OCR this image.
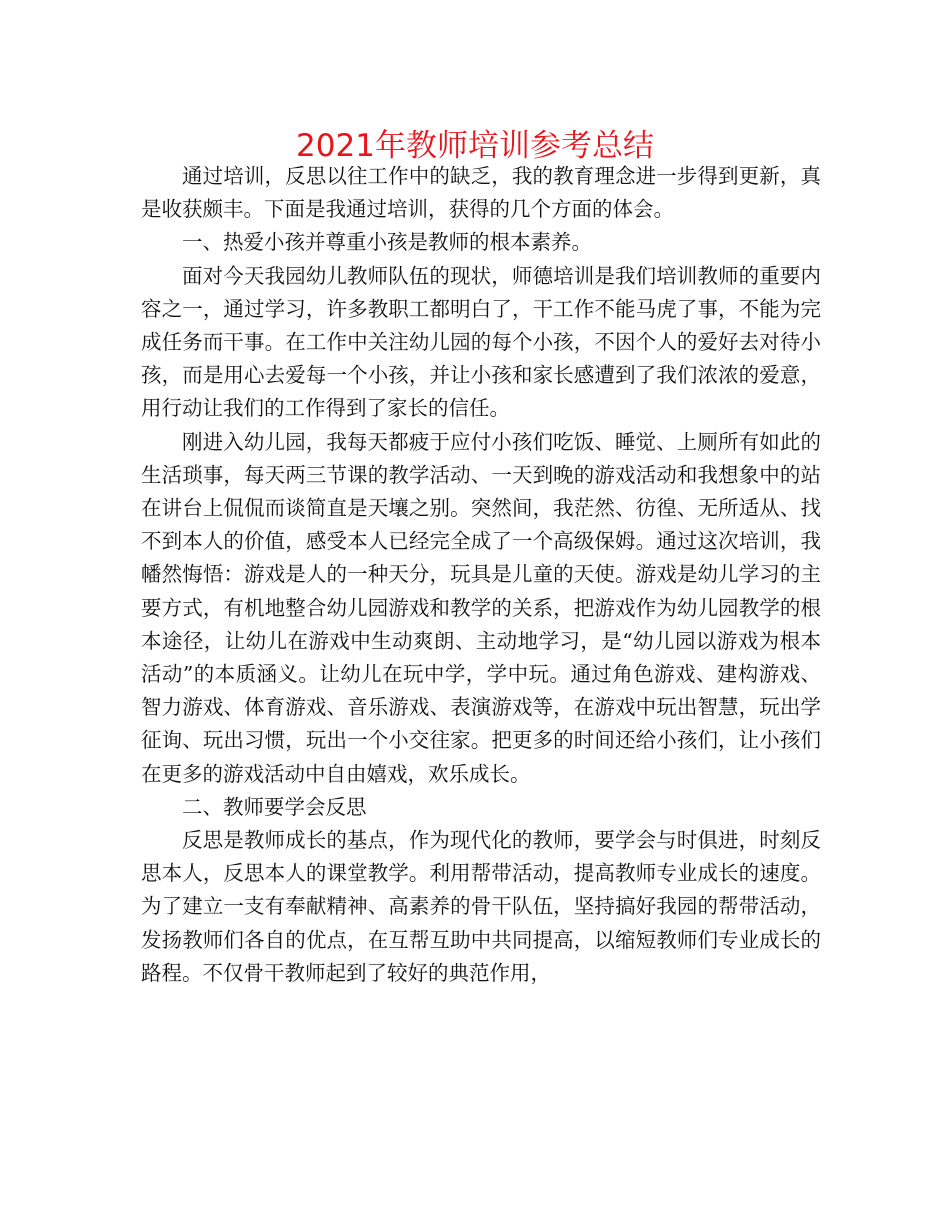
2021年教师培训参考总结

通过培训，反思以往工作中的缺乏，我的教育理念进一步得到更新，真是收获颇丰。下面是我通过培训，获得的几个方面的体会。

一、热爱小孩并尊重小孩是教师的根本素养。

面对今天我园幼儿教师队伍的现状，师德培训是我们培训教师的重要内容之一，通过学习，许多教职工都明白了，干工作不能马虎了事，不能为完成任务而干事。在工作中关注幼儿园的每个小孩，不因个人的爱好去对待小孩，而是用心去爱每一个小孩，并让小孩和家长感遭到了我们浓浓的爱意，用行动让我们的工作得到了家长的信任。

刚进入幼儿园，我每天都疲于应付小孩们吃饭、睡觉、上厕所有如此的生活琐事，每天两三节课的教学活动、一天到晚的游戏活动和我想象中的站在讲台上侃侃而谈简直是天壤之别。突然间，我茫然、彷徨、无所适从、找不到本人的价值，感受本人已经完全成了一个高级保姆。通过这次培训，我幡然悔悟：游戏是人的一种天分，玩具是儿童的天使。游戏是幼儿学习的主要方式，有机地整合幼儿园游戏和教学的关系，把游戏作为幼儿园教学的根本途径，让幼儿在游戏中生动爽朗、主动地学习，是“幼儿园以游戏为根本活动”的本质涵义。让幼儿在玩中学，学中玩。通过角色游戏、建构游戏、智力游戏、体育游戏、音乐游戏、表演游戏等，在游戏中玩出智慧，玩出学征询、玩出习惯，玩出一个小交往家。把更多的时间还给小孩们，让小孩们在更多的游戏活动中自由嬉戏，欢乐成长。

二、教师要学会反思

反思是教师成长的基点，作为现代化的教师，要学会与时俱进，时刻反思本人，反思本人的课堂教学。利用帮带活动，提高教师专业成长的速度。为了建立一支有奉献精神、高素养的骨干队伍，坚持搞好我园的帮带活动，发扬教师们各自的优点，在互帮互助中共同提高，以缩短教师们专业成长的路程。不仅骨干教师起到了较好的典范作用，
